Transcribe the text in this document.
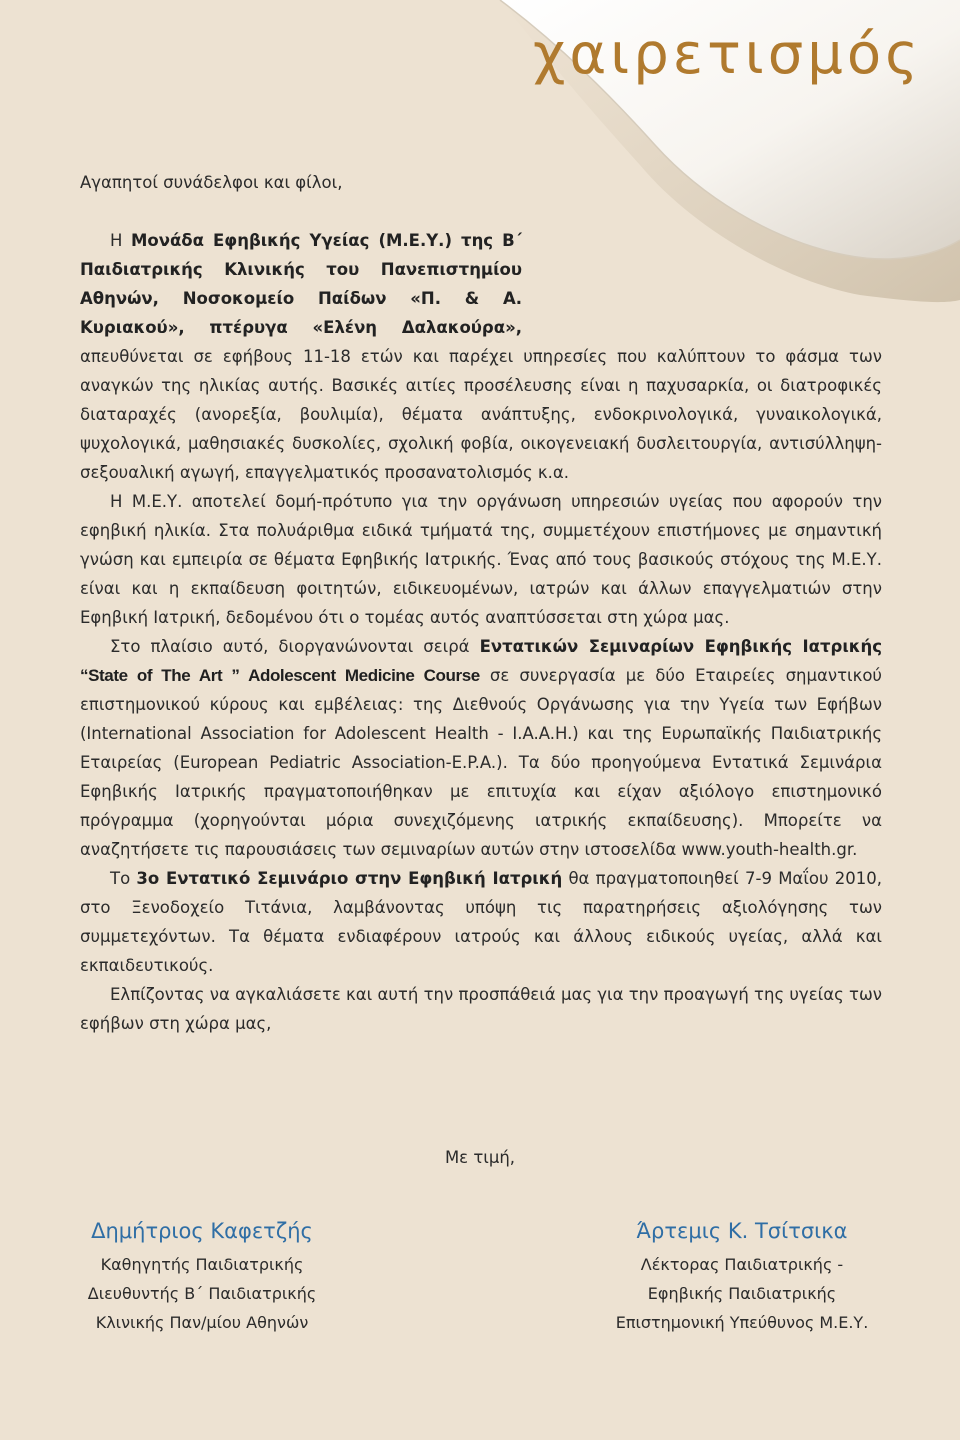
χαιρετισμός
Αγαπητοί συνάδελφοι και φίλοι,

Η Μονάδα Εφηβικής Υγείας (Μ.Ε.Υ.) της Β΄ Παιδιατρικής Κλινικής του Πανεπιστημίου Αθηνών, Νοσοκομείο Παίδων «Π. & Α. Κυριακού», πτέρυγα «Ελένη Δαλακούρα», απευθύνεται σε εφήβους 11-18 ετών και παρέχει υπηρεσίες που καλύπτουν το φάσμα των αναγκών της ηλικίας αυτής. Βασικές αιτίες προσέλευσης είναι η παχυσαρκία, οι διατροφικές διαταραχές (ανορεξία, βουλιμία), θέματα ανάπτυξης, ενδοκρινολογικά, γυναικολογικά, ψυχολογικά, μαθησιακές δυσκολίες, σχολική φοβία, οικογενειακή δυσλειτουργία, αντισύλληψη-σεξουαλική αγωγή, επαγγελματικός προσανατολισμός κ.α.

Η Μ.Ε.Υ. αποτελεί δομή-πρότυπο για την οργάνωση υπηρεσιών υγείας που αφορούν την εφηβική ηλικία. Στα πολυάριθμα ειδικά τμήματά της, συμμετέχουν επιστήμονες με σημαντική γνώση και εμπειρία σε θέματα Εφηβικής Ιατρικής. Ένας από τους βασικούς στόχους της Μ.Ε.Υ. είναι και η εκπαίδευση φοιτητών, ειδικευομένων, ιατρών και άλλων επαγγελματιών στην Εφηβική Ιατρική, δεδομένου ότι ο τομέας αυτός αναπτύσσεται στη χώρα μας.

Στο πλαίσιο αυτό, διοργανώνονται σειρά Εντατικών Σεμιναρίων Εφηβικής Ιατρικής “State of The Art ” Adolescent Medicine Course σε συνεργασία με δύο Εταιρείες σημαντικού επιστημονικού κύρους και εμβέλειας: της Διεθνούς Οργάνωσης για την Υγεία των Εφήβων (International Association for Adolescent Health - I.A.A.H.) και της Ευρωπαϊκής Παιδιατρικής Εταιρείας (European Pediatric Association-E.P.A.). Τα δύο προηγούμενα Εντατικά Σεμινάρια Εφηβικής Ιατρικής πραγματοποιήθηκαν με επιτυχία και είχαν αξιόλογο επιστημονικό πρόγραμμα (χορηγούνται μόρια συνεχιζόμενης ιατρικής εκπαίδευσης). Μπορείτε να αναζητήσετε τις παρουσιάσεις των σεμιναρίων αυτών στην ιστοσελίδα www.youth-health.gr.

Το 3ο Εντατικό Σεμινάριο στην Εφηβική Ιατρική θα πραγματοποιηθεί 7-9 Μαΐου 2010, στο Ξενοδοχείο Τιτάνια, λαμβάνοντας υπόψη τις παρατηρήσεις αξιολόγησης των συμμετεχόντων. Τα θέματα ενδιαφέρουν ιατρούς και άλλους ειδικούς υγείας, αλλά και εκπαιδευτικούς.

Ελπίζοντας να αγκαλιάσετε και αυτή την προσπάθειά μας για την προαγωγή της υγείας των εφήβων στη χώρα μας,

Με τιμή,
Δημήτριος Καφετζής
Καθηγητής Παιδιατρικής
Διευθυντής Β΄ Παιδιατρικής
Κλινικής Παν/μίου Αθηνών
Άρτεμις Κ. Τσίτσικα
Λέκτορας Παιδιατρικής -
Εφηβικής Παιδιατρικής
Επιστημονική Υπεύθυνος Μ.Ε.Υ.
